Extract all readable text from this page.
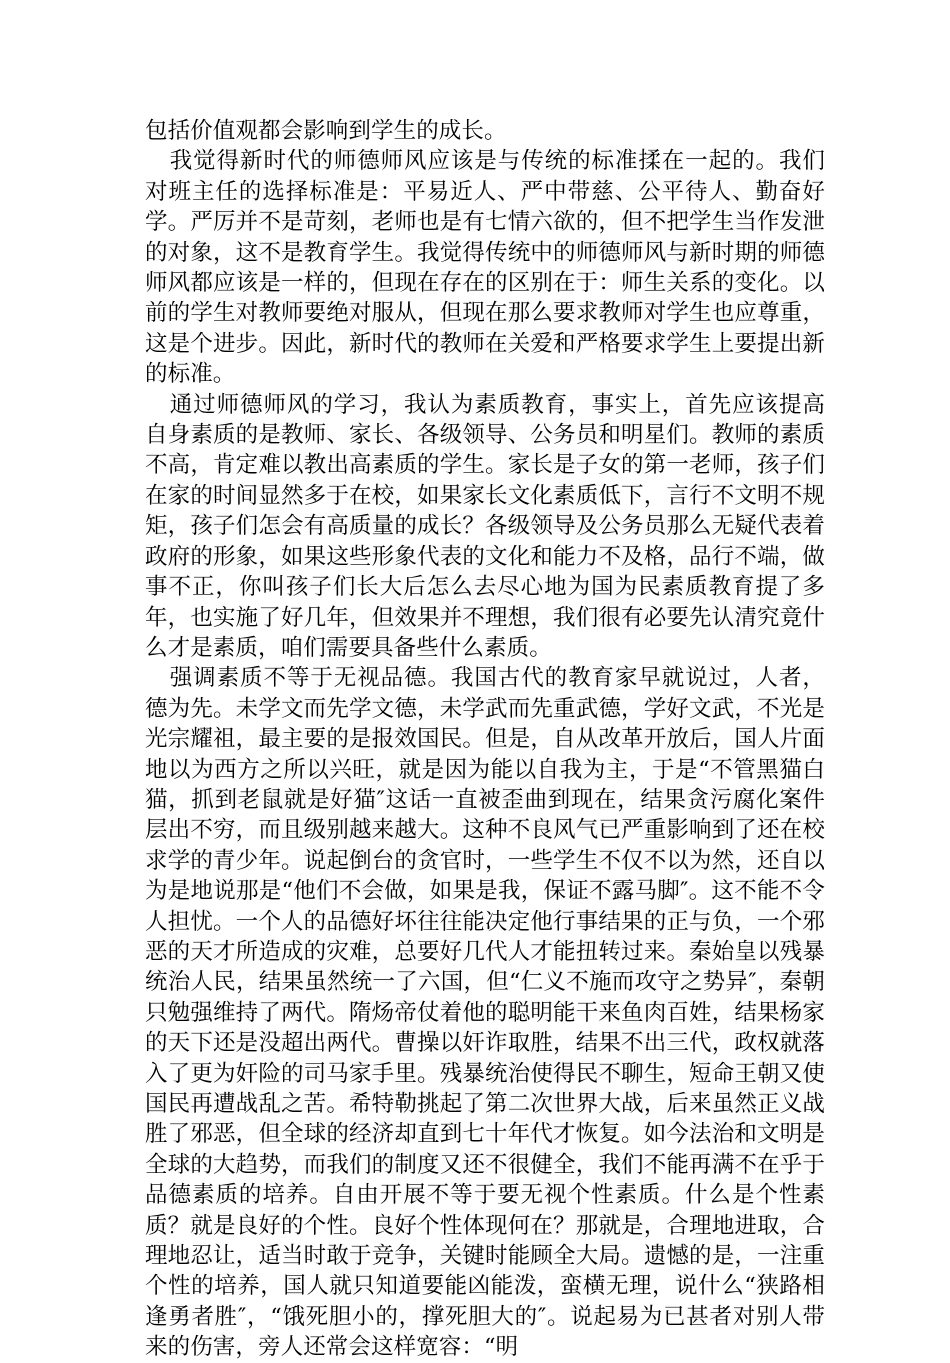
包括价值观都会影响到学生的成长。

我觉得新时代的师德师风应该是与传统的标准揉在一起的。我们对班主任的选择标准是：平易近人、严中带慈、公平待人、勤奋好学。严厉并不是苛刻，老师也是有七情六欲的，但不把学生当作发泄的对象，这不是教育学生。我觉得传统中的师德师风与新时期的师德师风都应该是一样的，但现在存在的区别在于：师生关系的变化。以前的学生对教师要绝对服从，但现在那么要求教师对学生也应尊重，这是个进步。因此，新时代的教师在关爱和严格要求学生上要提出新的标准。

通过师德师风的学习，我认为素质教育，事实上，首先应该提高自身素质的是教师、家长、各级领导、公务员和明星们。教师的素质不高，肯定难以教出高素质的学生。家长是子女的第一老师，孩子们在家的时间显然多于在校，如果家长文化素质低下，言行不文明不规矩，孩子们怎会有高质量的成长？各级领导及公务员那么无疑代表着政府的形象，如果这些形象代表的文化和能力不及格，品行不端，做事不正，你叫孩子们长大后怎么去尽心地为国为民素质教育提了多年，也实施了好几年，但效果并不理想，我们很有必要先认清究竟什么才是素质，咱们需要具备些什么素质。

强调素质不等于无视品德。我国古代的教育家早就说过，人者，德为先。未学文而先学文德，未学武而先重武德，学好文武，不光是光宗耀祖，最主要的是报效国民。但是，自从改革开放后，国人片面地以为西方之所以兴旺，就是因为能以自我为主，于是“不管黑猫白猫，抓到老鼠就是好猫″这话一直被歪曲到现在，结果贪污腐化案件层出不穷，而且级别越来越大。这种不良风气已严重影响到了还在校求学的青少年。说起倒台的贪官时，一些学生不仅不以为然，还自以为是地说那是“他们不会做，如果是我，保证不露马脚″。这不能不令人担忧。一个人的品德好坏往往能决定他行事结果的正与负，一个邪恶的天才所造成的灾难，总要好几代人才能扭转过来。秦始皇以残暴统治人民，结果虽然统一了六国，但“仁义不施而攻守之势异″，秦朝只勉强维持了两代。隋炀帝仗着他的聪明能干来鱼肉百姓，结果杨家的天下还是没超出两代。曹操以奸诈取胜，结果不出三代，政权就落入了更为奸险的司马家手里。残暴统治使得民不聊生，短命王朝又使国民再遭战乱之苦。希特勒挑起了第二次世界大战，后来虽然正义战胜了邪恶，但全球的经济却直到七十年代才恢复。如今法治和文明是全球的大趋势，而我们的制度又还不很健全，我们不能再满不在乎于品德素质的培养。自由开展不等于要无视个性素质。什么是个性素质？就是良好的个性。良好个性体现何在？那就是，合理地进取，合理地忍让，适当时敢于竞争，关键时能顾全大局。遗憾的是，一注重个性的培养，国人就只知道要能凶能泼，蛮横无理，说什么“狭路相逢勇者胜″，“饿死胆小的，撑死胆大的″。说起易为已甚者对别人带来的伤害，旁人还常会这样宽容：“明
